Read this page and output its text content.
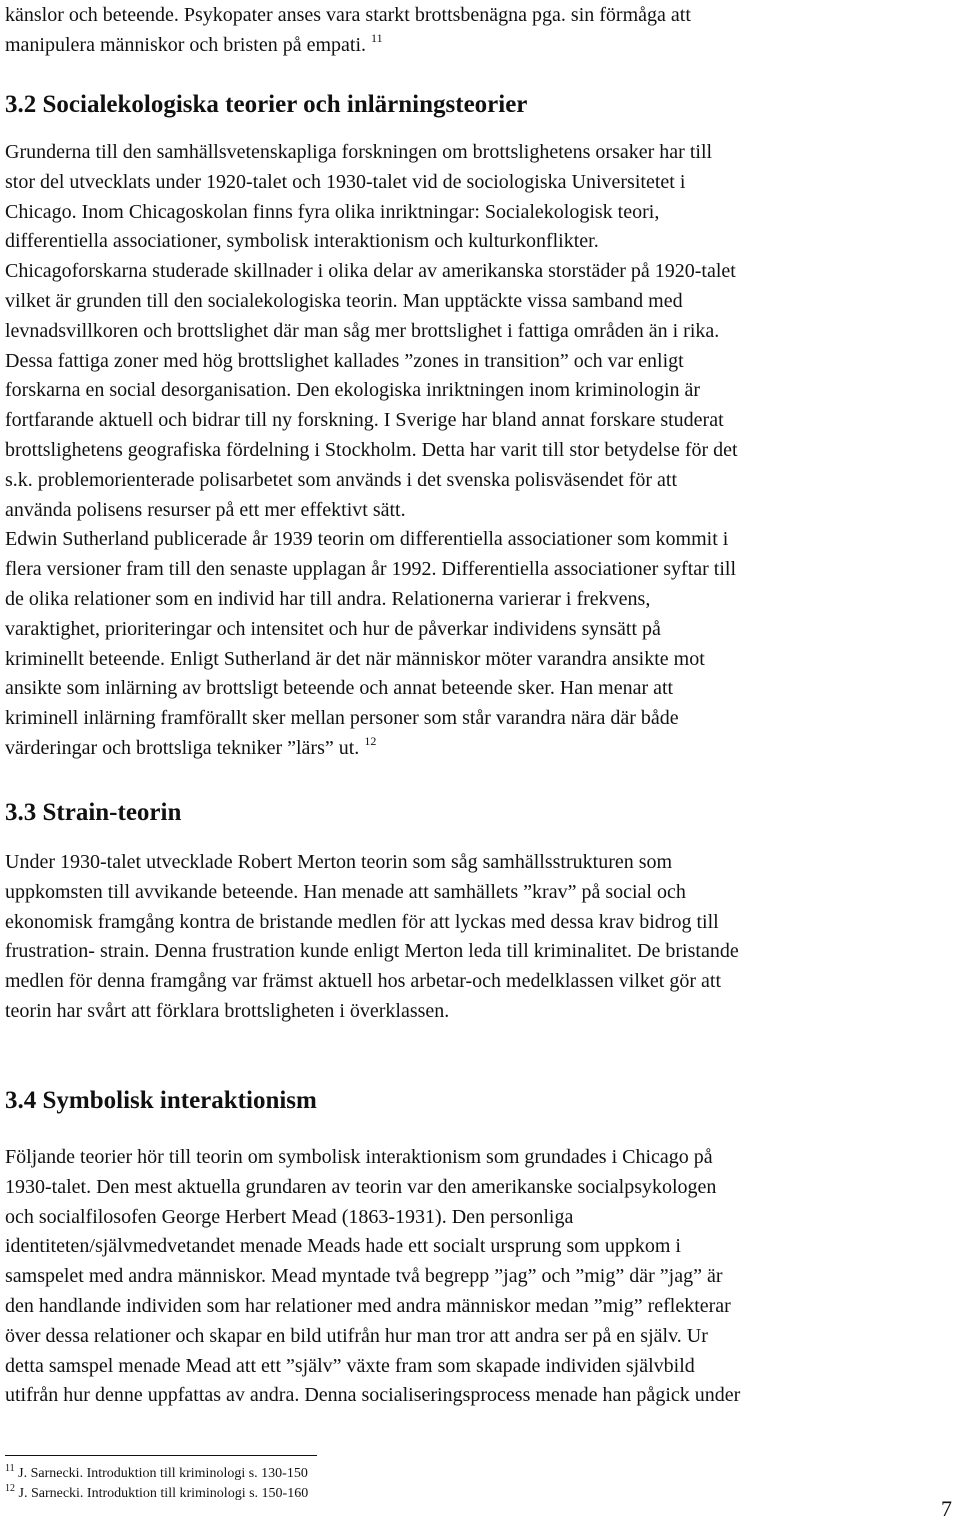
känslor och beteende. Psykopater anses vara starkt brottsbenägna pga. sin förmåga att

manipulera människor och bristen på empati. $^{11}$

3.2 Socialekologiska teorier och inlärningsteorier

Grunderna till den samhällsvetenskapliga forskningen om brottslighetens orsaker har till

stor del utvecklats under 1920-talet och 1930-talet vid de sociologiska Universitetet i

Chicago. Inom Chicagoskolan finns fyra olika inriktningar: Socialekologisk teori,

differentiella associationer, symbolisk interaktionism och kulturkonflikter.

Chicagoforskarna studerade skillnader i olika delar av amerikanska storstäder på 1920-talet

vilket är grunden till den socialekologiska teorin. Man upptäckte vissa samband med

levnadsvillkoren och brottslighet där man såg mer brottslighet i fattiga områden än i rika.

Dessa fattiga zoner med hög brottslighet kallades ”zones in transition” och var enligt

forskarna en social desorganisation. Den ekologiska inriktningen inom kriminologin är

fortfarande aktuell och bidrar till ny forskning. I Sverige har bland annat forskare studerat

brottslighetens geografiska fördelning i Stockholm. Detta har varit till stor betydelse för det

s.k. problemorienterade polisarbetet som används i det svenska polisväsendet för att

använda polisens resurser på ett mer effektivt sätt.

Edwin Sutherland publicerade år 1939 teorin om differentiella associationer som kommit i

flera versioner fram till den senaste upplagan år 1992. Differentiella associationer syftar till

de olika relationer som en individ har till andra. Relationerna varierar i frekvens,

varaktighet, prioriteringar och intensitet och hur de påverkar individens synsätt på

kriminellt beteende. Enligt Sutherland är det när människor möter varandra ansikte mot

ansikte som inlärning av brottsligt beteende och annat beteende sker. Han menar att

kriminell inlärning framförallt sker mellan personer som står varandra nära där både

värderingar och brottsliga tekniker ”lärs” ut. $^{12}$

3.3 Strain-teorin

Under 1930-talet utvecklade Robert Merton teorin som såg samhällsstrukturen som

uppkomsten till avvikande beteende. Han menade att samhällets ”krav” på social och

ekonomisk framgång kontra de bristande medlen för att lyckas med dessa krav bidrog till

frustration- strain. Denna frustration kunde enligt Merton leda till kriminalitet. De bristande

medlen för denna framgång var främst aktuell hos arbetar-och medelklassen vilket gör att

teorin har svårt att förklara brottsligheten i överklassen.

3.4 Symbolisk interaktionism

Följande teorier hör till teorin om symbolisk interaktionism som grundades i Chicago på

1930-talet. Den mest aktuella grundaren av teorin var den amerikanske socialpsykologen

och socialfilosofen George Herbert Mead (1863-1931). Den personliga

identiteten/självmedvetandet menade Meads hade ett socialt ursprung som uppkom i

samspelet med andra människor. Mead myntade två begrepp ”jag” och ”mig” där ”jag” är

den handlande individen som har relationer med andra människor medan ”mig” reflekterar

över dessa relationer och skapar en bild utifrån hur man tror att andra ser på en själv. Ur

detta samspel menade Mead att ett ”själv” växte fram som skapade individen självbild

utifrån hur denne uppfattas av andra. Denna socialiseringsprocess menade han pågick under

$^{11}$ J. Sarnecki. Introduktion till kriminologi s. 130-150
$^{12}$ J. Sarnecki. Introduktion till kriminologi s. 150-160
7
